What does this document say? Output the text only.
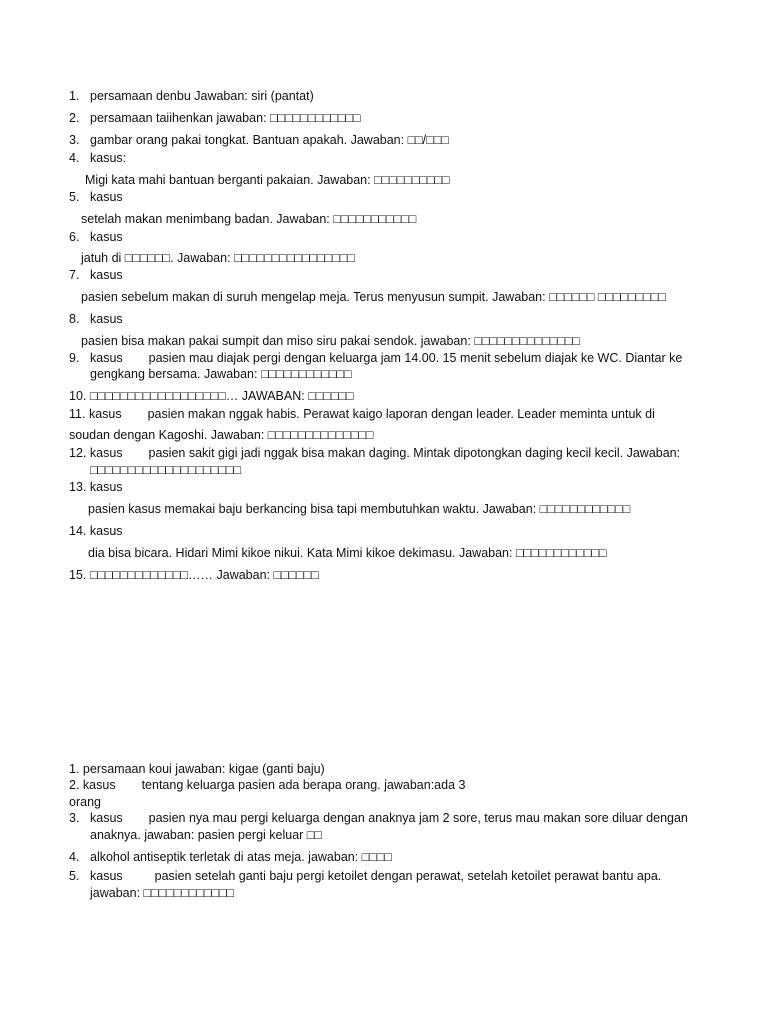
1. persamaan denbu Jawaban: siri (pantat)
2. persamaan taiihenkan jawaban: □□□□□□□□□□□□
3. gambar orang pakai tongkat. Bantuan apakah. Jawaban: □□/□□□
4. kasus:
Migi kata mahi bantuan berganti pakaian. Jawaban: □□□□□□□□□□
5. kasus
setelah makan menimbang badan. Jawaban: □□□□□□□□□□□
6. kasus
jatuh di □□□□□□. Jawaban: □□□□□□□□□□□□□□□□
7. kasus
pasien sebelum makan di suruh mengelap meja. Terus menyusun sumpit. Jawaban: □□□□□□ □□□□□□□□□
8. kasus
pasien bisa makan pakai sumpit dan miso siru pakai sendok. jawaban: □□□□□□□□□□□□□□
9. kasus pasien mau diajak pergi dengan keluarga jam 14.00. 15 menit sebelum diajak ke WC. Diantar ke
gengkang bersama. Jawaban: □□□□□□□□□□□□
10. □□□□□□□□□□□□□□□□□□… JAWABAN: □□□□□□
11. kasus pasien makan nggak habis. Perawat kaigo laporan dengan leader. Leader meminta untuk di
soudan dengan Kagoshi. Jawaban: □□□□□□□□□□□□□□
12. kasus pasien sakit gigi jadi nggak bisa makan daging. Mintak dipotongkan daging kecil kecil. Jawaban:
□□□□□□□□□□□□□□□□□□□□
13. kasus
pasien kasus memakai baju berkancing bisa tapi membutuhkan waktu. Jawaban: □□□□□□□□□□□□
14. kasus
dia bisa bicara. Hidari Mimi kikoe nikui. Kata Mimi kikoe dekimasu. Jawaban: □□□□□□□□□□□□
15. □□□□□□□□□□□□□…… Jawaban: □□□□□□
1. persamaan koui jawaban: kigae (ganti baju)
2. kasus tentang keluarga pasien ada berapa orang. jawaban:ada 3
orang
3. kasus pasien nya mau pergi keluarga dengan anaknya jam 2 sore, terus mau makan sore diluar dengan
anaknya. jawaban: pasien pergi keluar □□
4. alkohol antiseptik terletak di atas meja. jawaban: □□□□
5. kasus	pasien setelah ganti baju pergi ketoilet dengan perawat, setelah ketoilet perawat bantu apa.
jawaban: □□□□□□□□□□□□
